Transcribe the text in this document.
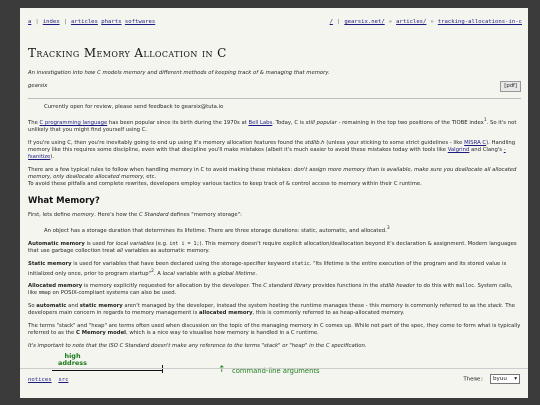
a | index | articles pharts softwares	/ | gearsix.net/ » articles/ » tracking-allocations-in-c
Tracking Memory Allocation in C
An investigation into how C models memory and different methods of keeping track of & managing that memory.
gearsix	[pdf]

Currently open for review, please send feedback to gearsix@tuta.io

The C programming language has been popular since its birth during the 1970s at Bell Labs. Today, C is still popular - remaining in the top two positions of the TIOBE index$^1$. So it's not unlikely that you might find yourself using C.

If you're using C, then you're inevitably going to end up using it's memory allocation features found the stdlib.h (unless your sticking to some strict guidelines - like MISRA C). Handling memory like this requires some discipline, even with that discipline you'll make mistakes (albeit it's much easier to avoid these mistakes today with tools like Valgrind and Clang's -fsanitize).

There are a few typical rules to follow when handling memory in C to avoid making these mistakes: don't assign more memory than is available, make sure you deallocate all allocated memory, only deallocate allocated memory, etc.
To avoid these pitfalls and complete rewrites, developers employ various tactics to keep track of & control access to memory within their C runtime.

What Memory?

First, lets define memory. Here's how the C Standard defines "memory storage":

An object has a storage duration that determines its lifetime. There are three storage durations: static, automatic, and allocated.$^3$

Automatic memory is used for local variables (e.g. int i = 1;). This memory doesn't require explicit allocation/deallocation beyond it's declaration & assignment. Modern languages that use garbage collection treat all variables as automatic memory.

Static memory is used for variables that have been declared using the storage-specifier keyword static. "Its lifetime is the entire execution of the program and its stored value is initialized only once, prior to program startup"$^2$. A local variable with a global lifetime.

Allocated memory is memory explicitly requested for allocation by the developer. The C standard library provides functions in the stdlib header to do this with malloc. System calls, like mmap on POSIX-compliant systems can also be used.

So automatic and static memory aren't managed by the developer, instead the system hosting the runtime manages these - this memory is commonly referred to as the stack. The developers main concern in regards to memory management is allocated memory, this is commonly referred to as heap-allocated memory.

The terms "stack" and "heap" are terms often used when discussion on the topic of the managing memory in C comes up. While not part of the spec, they come to form what is typically referred to as the C Memory model, which is a nice way to visualise how memory is handled in a C runtime.

It's important to note that the ISO C Standard doesn't make any reference to the terms "stack" or "heap" in the C specification.

high
address
↑ command-line arguments
notices src	Theme: byuu ▾
